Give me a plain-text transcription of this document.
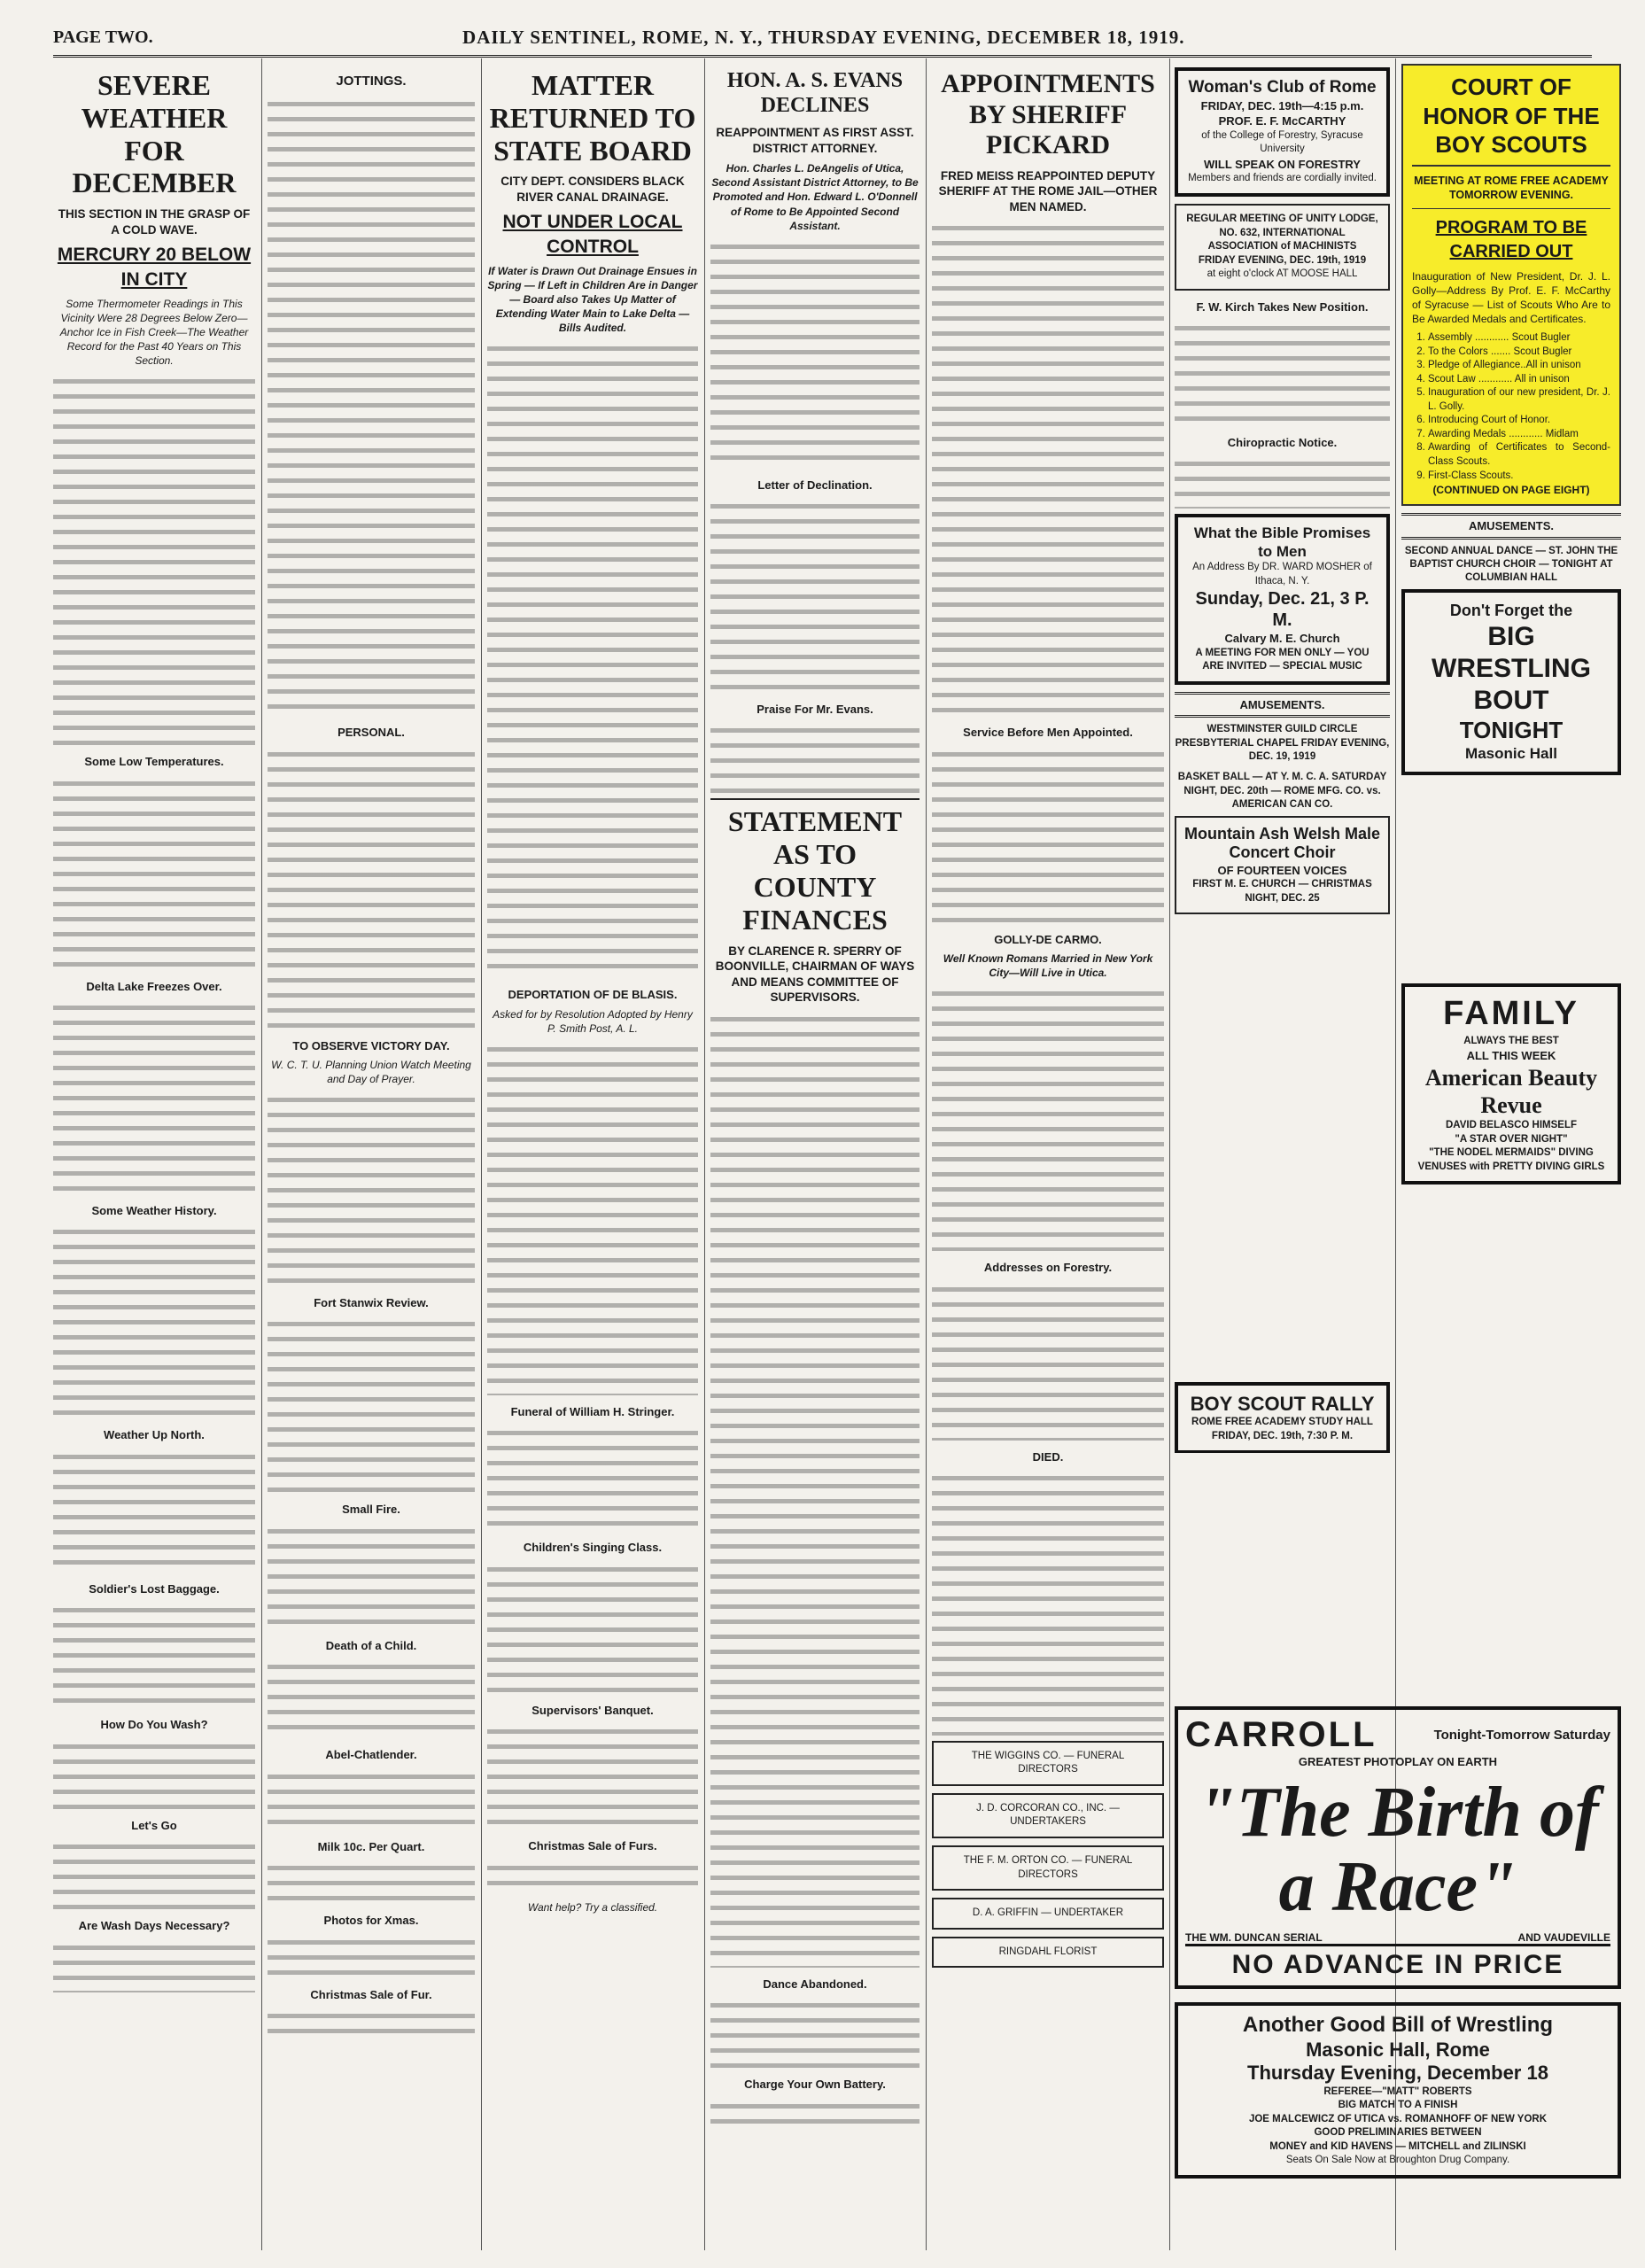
PAGE TWO.	DAILY SENTINEL, ROME, N. Y., THURSDAY EVENING, DECEMBER 18, 1919.
SEVERE WEATHER FOR DECEMBER
THIS SECTION IN THE GRASP OF A COLD WAVE.
MERCURY 20 BELOW IN CITY
Some Thermometer Readings in This Vicinity Were 28 Degrees Below Zero—Anchor Ice in Fish Creek—The Weather Record for the Past 40 Years on This Section.
Some Low Temperatures.
Delta Lake Freezes Over.
Some Weather History.
Weather Up North.
Soldier's Lost Baggage.
How Do You Wash?
Let's Go
Are Wash Days Necessary?
JOTTINGS.
PERSONAL.
TO OBSERVE VICTORY DAY.
W. C. T. U. Planning Union Watch Meeting and Day of Prayer.
Fort Stanwix Review.
Small Fire.
Death of a Child.
Abel-Chatlender.
Milk 10c. Per Quart.
Photos for Xmas.
Christmas Sale of Fur.
MATTER RETURNED TO STATE BOARD
CITY DEPT. CONSIDERS BLACK RIVER CANAL DRAINAGE.
NOT UNDER LOCAL CONTROL
If Water is Drawn Out Drainage Ensues in Spring — If Left in Children Are in Danger — Board also Takes Up Matter of Extending Water Main to Lake Delta — Bills Audited.
DEPORTATION OF DE BLASIS.
Asked for by Resolution Adopted by Henry P. Smith Post, A. L.
Funeral of William H. Stringer.
Children's Singing Class.
Supervisors' Banquet.
Christmas Sale of Furs.
Want help? Try a classified.
HON. A. S. EVANS DECLINES
REAPPOINTMENT AS FIRST ASST. DISTRICT ATTORNEY.
Hon. Charles L. DeAngelis of Utica, Second Assistant District Attorney, to Be Promoted and Hon. Edward L. O'Donnell of Rome to Be Appointed Second Assistant.
Letter of Declination.
Praise For Mr. Evans.
STATEMENT AS TO COUNTY FINANCES
BY CLARENCE R. SPERRY OF BOONVILLE, CHAIRMAN OF WAYS AND MEANS COMMITTEE OF SUPERVISORS.
Dance Abandoned.
Charge Your Own Battery.
APPOINTMENTS BY SHERIFF PICKARD
FRED MEISS REAPPOINTED DEPUTY SHERIFF AT THE ROME JAIL—OTHER MEN NAMED.
Service Before Men Appointed.
GOLLY-DE CARMO.
Well Known Romans Married in New York City—Will Live in Utica.
Addresses on Forestry.
DIED.
THE WIGGINS CO. — FUNERAL DIRECTORS
J. D. CORCORAN CO., INC. — UNDERTAKERS
THE F. M. ORTON CO. — FUNERAL DIRECTORS
D. A. GRIFFIN — UNDERTAKER
RINGDAHL FLORIST
Woman's Club of Rome
FRIDAY, DEC. 19th—4:15 p.m.
PROF. E. F. McCARTHY
of the College of Forestry, Syracuse University
WILL SPEAK ON FORESTRY
Members and friends are cordially invited.
REGULAR MEETING OF UNITY LODGE, NO. 632, INTERNATIONAL ASSOCIATION of MACHINISTS
FRIDAY EVENING, DEC. 19th, 1919
at eight o'clock AT MOOSE HALL
F. W. Kirch Takes New Position.
Chiropractic Notice.
What the Bible Promises to Men
An Address By DR. WARD MOSHER of Ithaca, N. Y.
Sunday, Dec. 21, 3 P. M.
Calvary M. E. Church
A MEETING FOR MEN ONLY — YOU ARE INVITED — SPECIAL MUSIC
AMUSEMENTS.
WESTMINSTER GUILD CIRCLE PRESBYTERIAL CHAPEL FRIDAY EVENING, DEC. 19, 1919
BASKET BALL — AT Y. M. C. A. SATURDAY NIGHT, DEC. 20th — ROME MFG. CO. vs. AMERICAN CAN CO.
Mountain Ash Welsh Male Concert Choir
OF FOURTEEN VOICES
FIRST M. E. CHURCH — CHRISTMAS NIGHT, DEC. 25
BOY SCOUT RALLY
ROME FREE ACADEMY STUDY HALL
FRIDAY, DEC. 19th, 7:30 P. M.
COURT OF HONOR OF THE BOY SCOUTS
MEETING AT ROME FREE ACADEMY TOMORROW EVENING.
PROGRAM TO BE CARRIED OUT
Inauguration of New President, Dr. J. L. Golly—Address By Prof. E. F. McCarthy of Syracuse — List of Scouts Who Are to Be Awarded Medals and Certificates.
1. Assembly ............ Scout Bugler
2. To the Colors ....... Scout Bugler
3. Pledge of Allegiance..All in unison
4. Scout Law ............ All in unison
5. Inauguration of our new president, Dr. J. L. Golly.
6. Introducing Court of Honor.
7. Awarding Medals ............ Midlam
8. Awarding of Certificates to Second-Class Scouts.
9. First-Class Scouts.
(CONTINUED ON PAGE EIGHT)
AMUSEMENTS.
SECOND ANNUAL DANCE — ST. JOHN THE BAPTIST CHURCH CHOIR — TONIGHT AT COLUMBIAN HALL
Don't Forget the
BIG
WRESTLING
BOUT
TONIGHT
Masonic Hall
FAMILY
ALWAYS THE BEST
ALL THIS WEEK
American Beauty Revue
DAVID BELASCO HIMSELF
"A STAR OVER NIGHT"
"THE NODEL MERMAIDS" DIVING VENUSES with PRETTY DIVING GIRLS
CARROLL	Tonight-Tomorrow Saturday
GREATEST PHOTOPLAY ON EARTH
"The Birth of a Race"
THE WM. DUNCAN SERIAL	AND VAUDEVILLE
NO ADVANCE IN PRICE
Another Good Bill of Wrestling
Masonic Hall, Rome
Thursday Evening, December 18
REFEREE—"MATT" ROBERTS
BIG MATCH TO A FINISH
JOE MALCEWICZ OF UTICA vs. ROMANHOFF OF NEW YORK
GOOD PRELIMINARIES BETWEEN
MONEY and KID HAVENS — MITCHELL and ZILINSKI
Seats On Sale Now at Broughton Drug Company.
